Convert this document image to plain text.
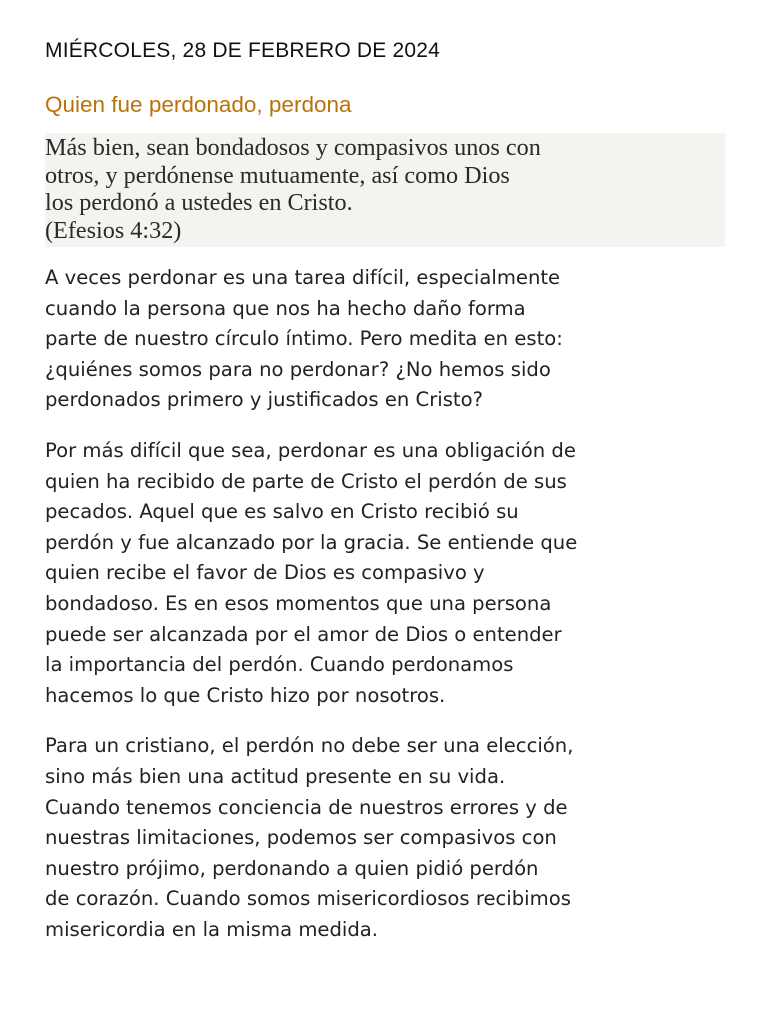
MIÉRCOLES, 28 DE FEBRERO DE 2024

Quien fue perdonado, perdona

Más bien, sean bondadosos y compasivos unos con
otros, y perdónense mutuamente, así como Dios
los perdonó a ustedes en Cristo.

(Efesios 4:32)

A veces perdonar es una tarea difícil, especialmente
cuando la persona que nos ha hecho daño forma
parte de nuestro círculo íntimo. Pero medita en esto:
¿quiénes somos para no perdonar? ¿No hemos sido
perdonados primero y justificados en Cristo?

Por más difícil que sea, perdonar es una obligación de
quien ha recibido de parte de Cristo el perdón de sus
pecados. Aquel que es salvo en Cristo recibió su
perdón y fue alcanzado por la gracia. Se entiende que
quien recibe el favor de Dios es compasivo y
bondadoso. Es en esos momentos que una persona
puede ser alcanzada por el amor de Dios o entender
la importancia del perdón. Cuando perdonamos
hacemos lo que Cristo hizo por nosotros.

Para un cristiano, el perdón no debe ser una elección,
sino más bien una actitud presente en su vida.
Cuando tenemos conciencia de nuestros errores y de
nuestras limitaciones, podemos ser compasivos con
nuestro prójimo, perdonando a quien pidió perdón
de corazón. Cuando somos misericordiosos recibimos
misericordia en la misma medida.
